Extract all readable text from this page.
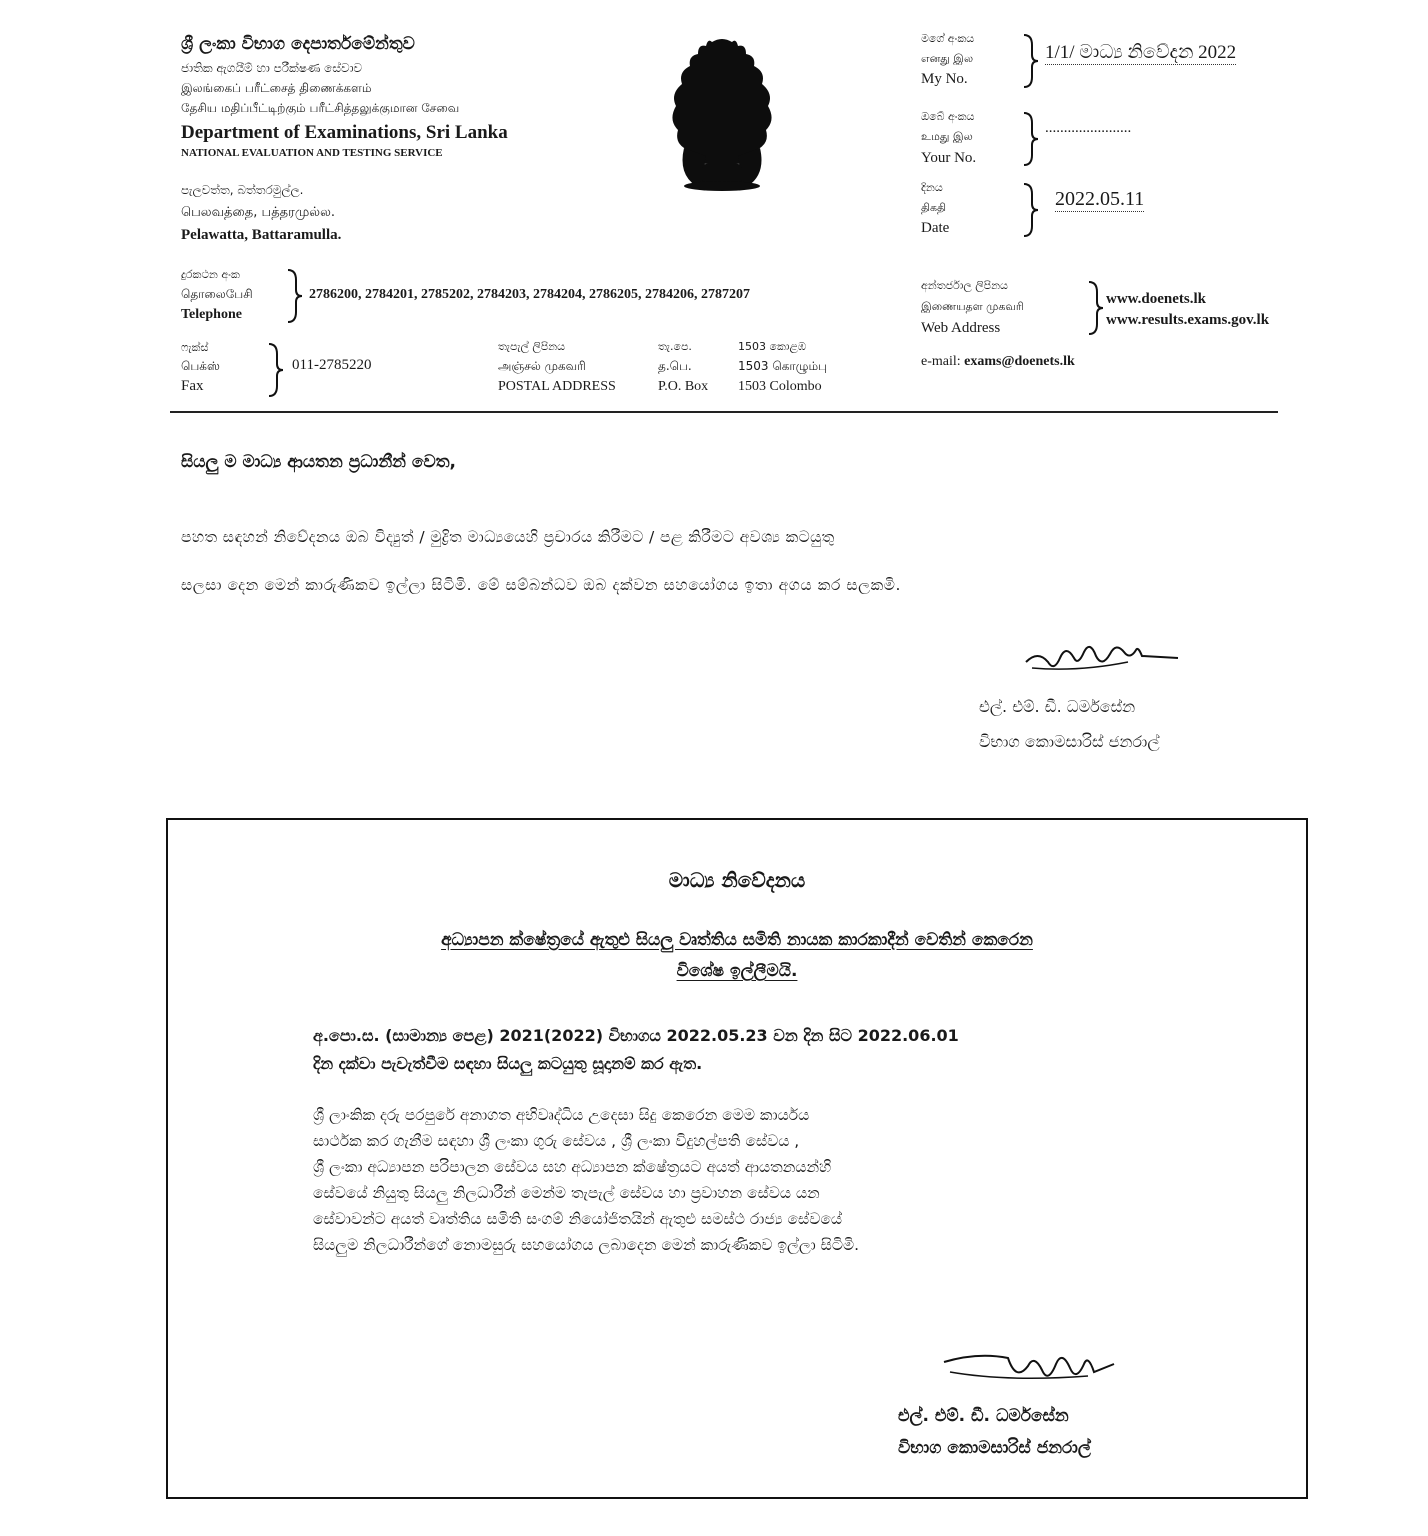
ශ්‍රී ලංකා විභාග දෙපාර්තමේන්තුව
ජාතික ඇගයීම් හා පරීක්ෂණ සේවාව
இலங்கைப் பரீட்சைத் திணைக்களம்
தேசிய மதிப்பீட்டிற்கும் பரீட்சித்தலுக்குமான சேவை
Department of Examinations, Sri Lanka
NATIONAL EVALUATION AND TESTING SERVICE
පැලවත්ත, බත්තරමුල්ල.
பெலவத்தை, பத்தரமுல்ல.
Pelawatta, Battaramulla.
මගේ අංකය
எனது இல
My No.
1/1/ මාධ්‍ය නිවේදන 2022
ඔබේ අංකය
உமது இல
Your No.
.......................
දිනය
திகதி
Date
2022.05.11
දුරකථන අංක
தொலைபேசி
Telephone
2786200, 2784201, 2785202, 2784203, 2784204, 2786205, 2784206, 2787207
අන්තර්ජාල ලිපිනය
இணையதள முகவரி
Web Address
www.doenets.lk
www.results.exams.gov.lk
ෆැක්ස්
பெக்ஸ்
Fax
011-2785220
තැපැල් ලිපිනය
அஞ்சல் முகவரி
POSTAL ADDRESS
තැ.පෙ.
த.பெ.
P.O. Box
1503 කොළඹ
1503 கொழும்பு
1503 Colombo
e-mail: exams@doenets.lk
සියලු ම මාධ්‍ය ආයතන ප්‍රධානීන් වෙත,
පහත සඳහන් නිවේදනය ඔබ විද්‍යුත් / මුද්‍රිත මාධ්‍යයෙහි ප්‍රචාරය කිරීමට / පළ කිරීමට අවශ්‍ය කටයුතු
සලසා දෙන මෙන් කාරුණිකව ඉල්ලා සිටිමි. මේ සම්බන්ධව ඔබ දක්වන සහයෝගය ඉතා අගය කර සලකමි.
එල්. එම්. ඩී. ධර්මසේන
විභාග කොමසාරිස් ජනරාල්
මාධ්‍ය නිවේදනය
අධ්‍යාපන ක්ෂේත්‍රයේ ඇතුළු සියලු වෘත්තිය සමිති නායක කාරකාදීන් වෙතින් කෙරෙන
විශේෂ ඉල්ලීමයි.
අ.පො.ස. (සාමාන්‍ය පෙළ) 2021(2022) විභාගය 2022.05.23 වන දින සිට 2022.06.01
දින දක්වා පැවැත්වීම සඳහා සියලු කටයුතු සූදානම් කර ඇත.
ශ්‍රී ලාංකික දරු පරපුරේ අනාගත අභිවෘද්ධිය උදෙසා සිදු කෙරෙන මෙම කාර්යය
සාර්ථක කර ගැනීම සඳහා ශ්‍රී ලංකා ගුරු සේවය , ශ්‍රී ලංකා විදුහල්පති සේවය ,
ශ්‍රී ලංකා අධ්‍යාපන පරිපාලන සේවය සහ අධ්‍යාපන ක්ෂේත්‍රයට අයත් ආයතනයන්හි
සේවයේ නියුතු සියලු නිලධාරීන් මෙන්ම තැපැල් සේවය හා ප්‍රවාහන සේවය යන
සේවාවන්ට අයත් වෘත්තිය සමිති සංගම් නියෝජිතයින් ඇතුළු සමස්ථ රාජ්‍ය සේවයේ
සියලුම නිලධාරීන්ගේ නොමසුරු සහයෝගය ලබාදෙන මෙන් කාරුණිකව ඉල්ලා සිටිමි.
එල්. එම්. ඩී. ධර්මසේන
විභාග කොමසාරිස් ජනරාල්
